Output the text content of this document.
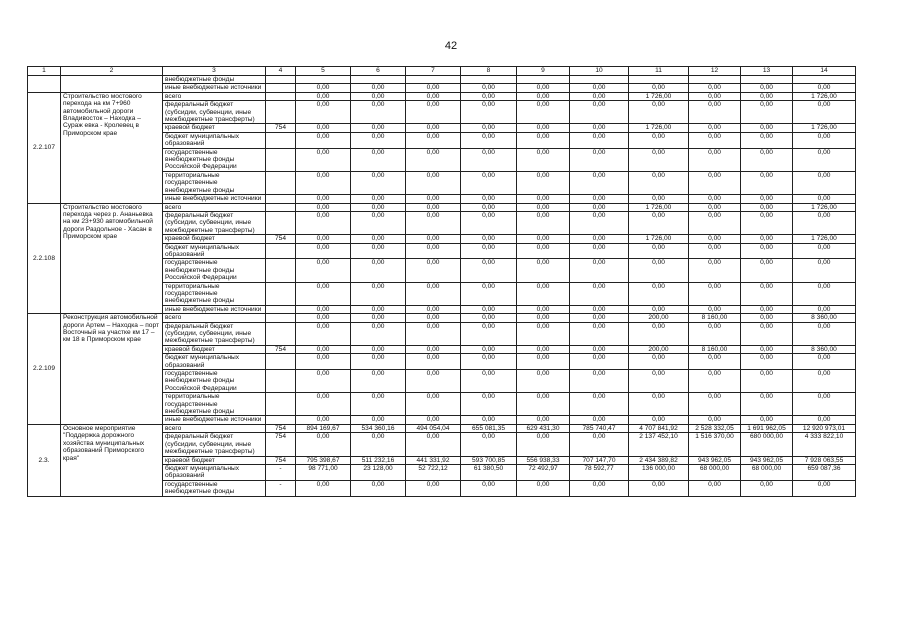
42
1	2	3	4	5	6	7	8	9	10	11	12	13	14
		внебюджетные фонды											
		иные внебюджетные источники		0,00	0,00	0,00	0,00	0,00	0,00	0,00	0,00	0,00	0,00
2.2.107	Строительство мостового перехода на км 7+960 автомобильной дороги Владивосток – Находка – Сураж евка - Кролевец в Приморском крае	всего		0,00	0,00	0,00	0,00	0,00	0,00	1 726,00	0,00	0,00	1 726,00
		федеральный бюджет (субсидии, субвенции, иные межбюджетные трансферты)		0,00	0,00	0,00	0,00	0,00	0,00	0,00	0,00	0,00	0,00
		краевой бюджет	754	0,00	0,00	0,00	0,00	0,00	0,00	1 726,00	0,00	0,00	1 726,00
		бюджет муниципальных образований		0,00	0,00	0,00	0,00	0,00	0,00	0,00	0,00	0,00	0,00
		государственные внебюджетные фонды Российской Федерации		0,00	0,00	0,00	0,00	0,00	0,00	0,00	0,00	0,00	0,00
		территориальные государственные внебюджетные фонды		0,00	0,00	0,00	0,00	0,00	0,00	0,00	0,00	0,00	0,00
		иные внебюджетные источники		0,00	0,00	0,00	0,00	0,00	0,00	0,00	0,00	0,00	0,00
2.2.108	Строительство мостового перехода через р. Ананьевка на км 23+930 автомобильной дороги Раздольное - Хасан в Приморском крае	всего		0,00	0,00	0,00	0,00	0,00	0,00	1 726,00	0,00	0,00	1 726,00
		федеральный бюджет (субсидии, субвенции, иные межбюджетные трансферты)		0,00	0,00	0,00	0,00	0,00	0,00	0,00	0,00	0,00	0,00
		краевой бюджет	754	0,00	0,00	0,00	0,00	0,00	0,00	1 726,00	0,00	0,00	1 726,00
		бюджет муниципальных образований		0,00	0,00	0,00	0,00	0,00	0,00	0,00	0,00	0,00	0,00
		государственные внебюджетные фонды Российской Федерации		0,00	0,00	0,00	0,00	0,00	0,00	0,00	0,00	0,00	0,00
		территориальные государственные внебюджетные фонды		0,00	0,00	0,00	0,00	0,00	0,00	0,00	0,00	0,00	0,00
		иные внебюджетные источники		0,00	0,00	0,00	0,00	0,00	0,00	0,00	0,00	0,00	0,00
2.2.109	Реконструкция автомобильной дороги Артем – Находка – порт Восточный на участке км 17 – км 18 в Приморском крае	всего		0,00	0,00	0,00	0,00	0,00	0,00	200,00	8 160,00	0,00	8 360,00
		федеральный бюджет (субсидии, субвенции, иные межбюджетные трансферты)		0,00	0,00	0,00	0,00	0,00	0,00	0,00	0,00	0,00	0,00
		краевой бюджет	754	0,00	0,00	0,00	0,00	0,00	0,00	200,00	8 160,00	0,00	8 360,00
		бюджет муниципальных образований		0,00	0,00	0,00	0,00	0,00	0,00	0,00	0,00	0,00	0,00
		государственные внебюджетные фонды Российской Федерации		0,00	0,00	0,00	0,00	0,00	0,00	0,00	0,00	0,00	0,00
		территориальные государственные внебюджетные фонды		0,00	0,00	0,00	0,00	0,00	0,00	0,00	0,00	0,00	0,00
		иные внебюджетные источники		0,00	0,00	0,00	0,00	0,00	0,00	0,00	0,00	0,00	0,00
2.3.	Основное мероприятие "Поддержка дорожного хозяйства муниципальных образований Приморского края"	всего	754	894 169,67	534 360,16	494 054,04	655 081,35	629 431,30	785 740,47	4 707 841,92	2 528 332,05	1 691 962,05	12 920 973,01
		федеральный бюджет (субсидии, субвенции, иные межбюджетные трансферты)	754	0,00	0,00	0,00	0,00	0,00	0,00	2 137 452,10	1 516 370,00	680 000,00	4 333 822,10
		краевой бюджет	754	795 398,67	511 232,16	441 331,92	593 700,85	556 938,33	707 147,70	2 434 389,82	943 962,05	943 962,05	7 928 063,55
		бюджет муниципальных образований	-	98 771,00	23 128,00	52 722,12	61 380,50	72 492,97	78 592,77	136 000,00	68 000,00	68 000,00	659 087,36
		государственные внебюджетные фонды	-	0,00	0,00	0,00	0,00	0,00	0,00	0,00	0,00	0,00	0,00
